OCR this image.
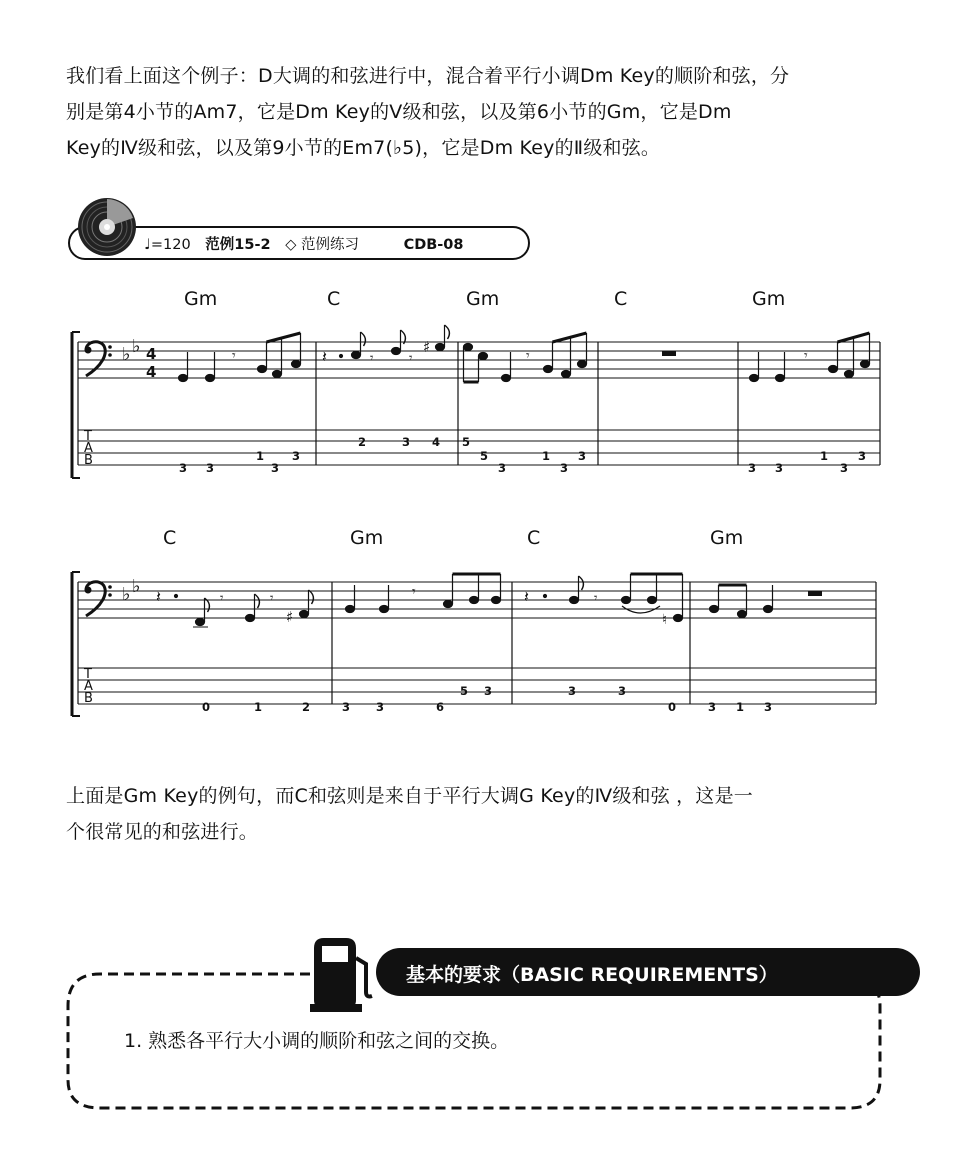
我们看上面这个例子：D大调的和弦进行中，混合着平行小调Dm Key的顺阶和弦，分

别是第4小节的Am7，它是Dm Key的Ⅴ级和弦，以及第6小节的Gm，它是Dm

Key的Ⅳ级和弦，以及第9小节的Em7(♭5)，它是Dm Key的Ⅱ级和弦。

♩=120 范例15-2 ◇ 范例练习	CDB-08
Gm	C	Gm	C	Gm
♭ ♭ 4
4
𝄾	𝄽	𝄾	𝄾
♯	𝄾	𝄾
T
A
B	3 3	3
1 3
2	3 4 5
5	1 3
3	3	3 3	3
1	3
C	Gm	C	Gm
♭ ♭ 𝄽	𝄾	𝄾
♯
𝄾	𝄽	𝄾
♮
T
A
B
0	1	2	3 3	6
5 3	3	3
0	3 1 3

上面是Gm Key的例句，而C和弦则是来自于平行大调G Key的Ⅳ级和弦 ，这是一

个很常见的和弦进行。

基本的要求（BASIC REQUIREMENTS）
1. 熟悉各平行大小调的顺阶和弦之间的交换。
